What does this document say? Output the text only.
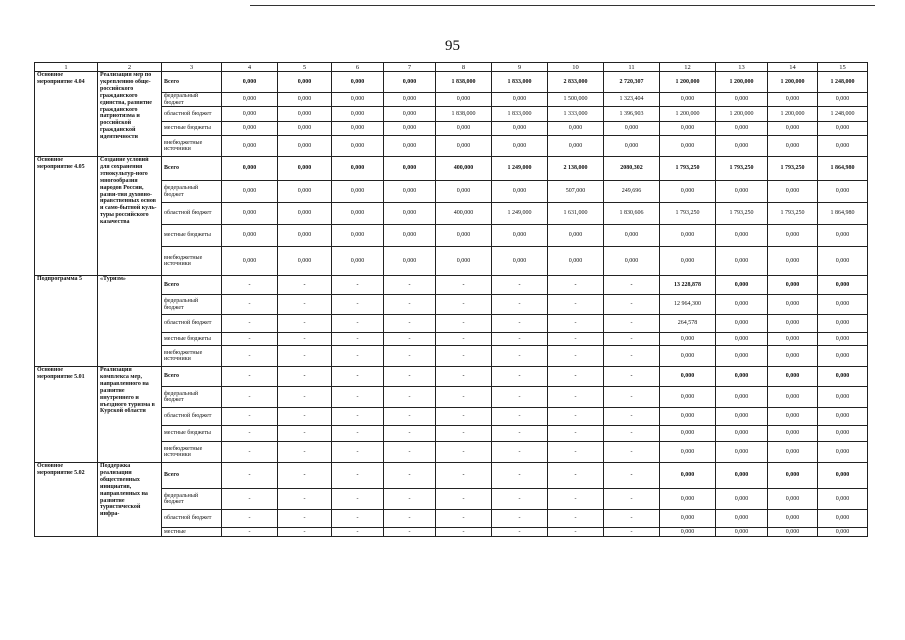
95
1	2	3	4	5	6	7	8	9	10	11	12	13	14	15
Основное мероприятие 4.04	Реализация мер по укреплению обще-российского гражданского единства, развитие гражданского патриотизма и российской гражданской идентичности	Всего	0,000	0,000	0,000	0,000	1 838,000	1 833,000	2 833,000	2 720,307	1 200,000	1 200,000	1 200,000	1 248,000
		федеральный бюджет	0,000	0,000	0,000	0,000	0,000	0,000	1 500,000	1 323,404	0,000	0,000	0,000	0,000
		областной бюджет	0,000	0,000	0,000	0,000	1 838,000	1 833,000	1 333,000	1 396,903	1 200,000	1 200,000	1 200,000	1 248,000
		местные бюджеты	0,000	0,000	0,000	0,000	0,000	0,000	0,000	0,000	0,000	0,000	0,000	0,000
		внебюджетные источники	0,000	0,000	0,000	0,000	0,000	0,000	0,000	0,000	0,000	0,000	0,000	0,000
Основное мероприятие 4.05	Создание условий для сохранения этнокультур-ного многообразия народов России, разви-тия духовно-нравственных основ и само-бытной куль-туры российского казачества	Всего	0,000	0,000	0,000	0,000	400,000	1 249,000	2 138,000	2080,302	1 793,250	1 793,250	1 793,250	1 864,980
		федеральный бюджет	0,000	0,000	0,000	0,000	0,000	0,000	507,000	249,696	0,000	0,000	0,000	0,000
		областной бюджет	0,000	0,000	0,000	0,000	400,000	1 249,000	1 631,000	1 830,606	1 793,250	1 793,250	1 793,250	1 864,980
		местные бюджеты	0,000	0,000	0,000	0,000	0,000	0,000	0,000	0,000	0,000	0,000	0,000	0,000
		внебюджетные источники	0,000	0,000	0,000	0,000	0,000	0,000	0,000	0,000	0,000	0,000	0,000	0,000
Подпрограмма 5	«Туризм»	Всего	-	-	-	-	-	-	-	-	13 228,878	0,000	0,000	0,000
		федеральный бюджет	-	-	-	-	-	-	-	-	12 964,300	0,000	0,000	0,000
		областной бюджет	-	-	-	-	-	-	-	-	264,578	0,000	0,000	0,000
		местные бюджеты	-	-	-	-	-	-	-	-	0,000	0,000	0,000	0,000
		внебюджетные источники	-	-	-	-	-	-	-	-	0,000	0,000	0,000	0,000
Основное мероприятие 5.01	Реализация комплекса мер, направленного на развитие внутреннего и въездного туризма в Курской области	Всего	-	-	-	-	-	-	-	-	0,000	0,000	0,000	0,000
		федеральный бюджет	-	-	-	-	-	-	-	-	0,000	0,000	0,000	0,000
		областной бюджет	-	-	-	-	-	-	-	-	0,000	0,000	0,000	0,000
		местные бюджеты	-	-	-	-	-	-	-	-	0,000	0,000	0,000	0,000
		внебюджетные источники	-	-	-	-	-	-	-	-	0,000	0,000	0,000	0,000
Основное мероприятие 5.02	Поддержка реализации общественных инициатив, направленных на развитие туристической инфра-	Всего	-	-	-	-	-	-	-	-	0,000	0,000	0,000	0,000
		федеральный бюджет	-	-	-	-	-	-	-	-	0,000	0,000	0,000	0,000
		областной бюджет	-	-	-	-	-	-	-	-	0,000	0,000	0,000	0,000
		местные	-	-	-	-	-	-	-	-	0,000	0,000	0,000	0,000
